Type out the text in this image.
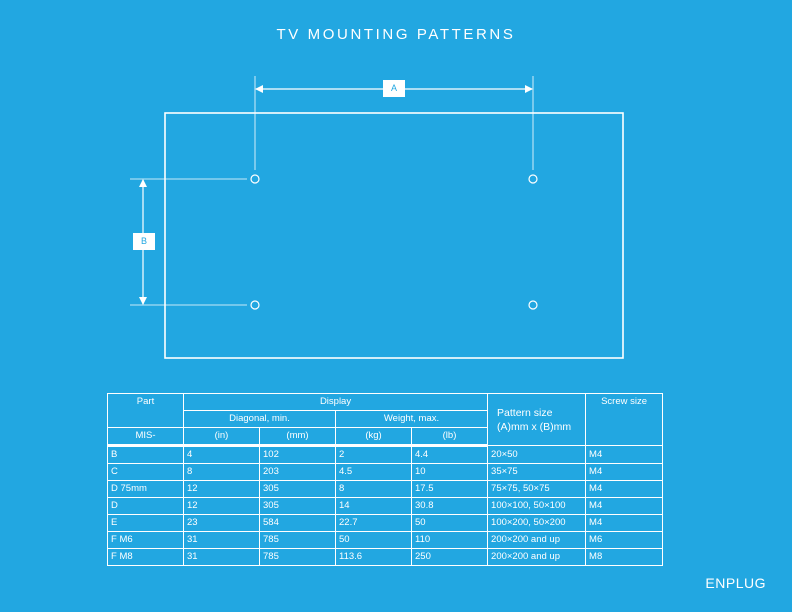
TV MOUNTING PATTERNS
A
B
Part	Display				Pattern size (A)mm x (B)mm	Screw size
	Diagonal, min.		Weight, max.			
MIS-	(in)	(mm)	(kg)	(lb)		
B	4	102	2	4.4	20×50	M4
C	8	203	4.5	10	35×75	M4
D 75mm	12	305	8	17.5	75×75, 50×75	M4
D	12	305	14	30.8	100×100, 50×100	M4
E	23	584	22.7	50	100×200, 50×200	M4
F M6	31	785	50	110	200×200 and up	M6
F M8	31	785	113.6	250	200×200 and up	M8
ENPLUG
